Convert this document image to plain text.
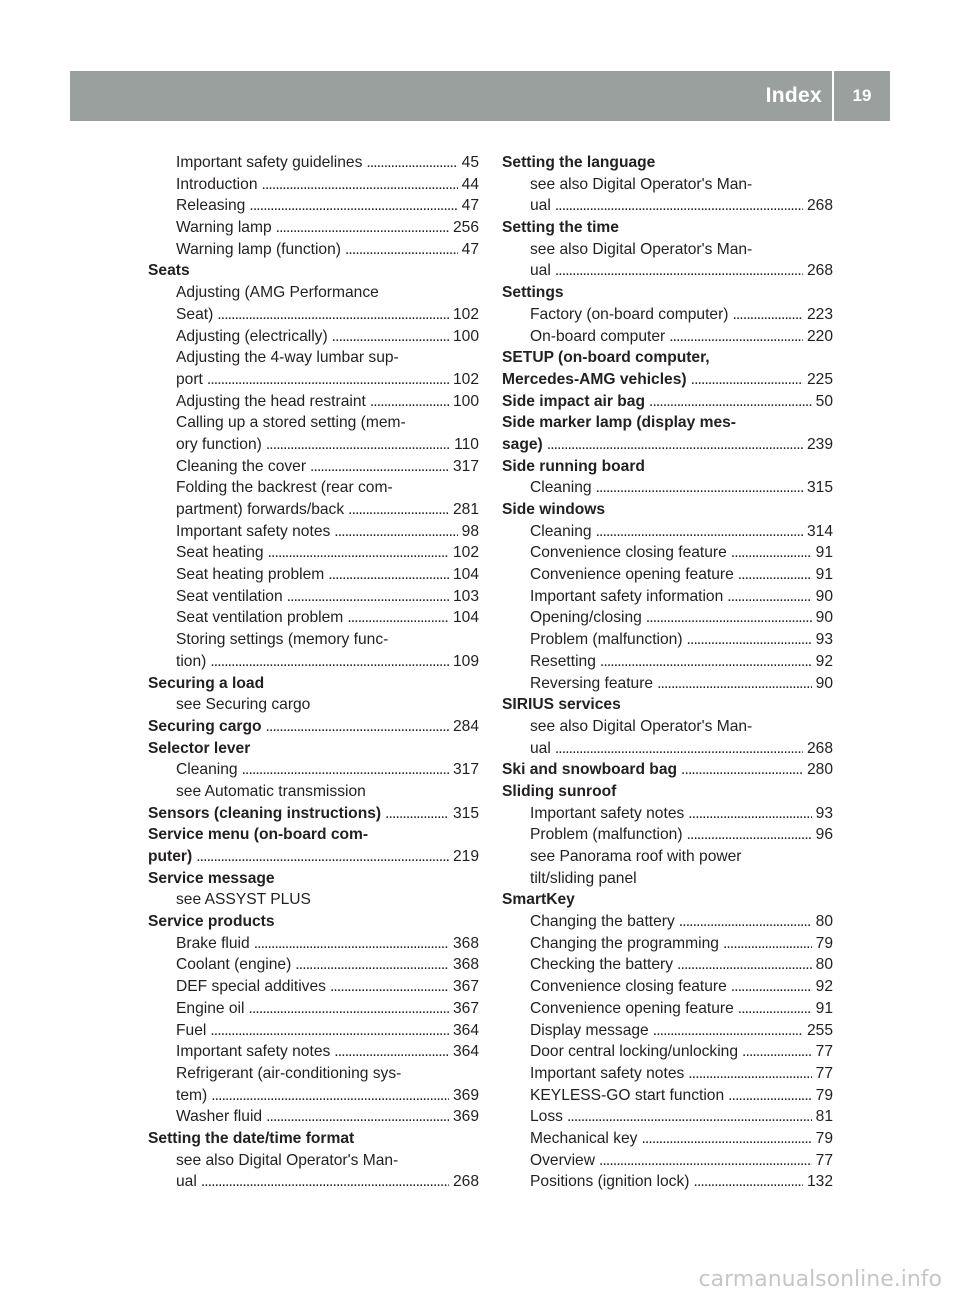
Index	19
Important safety guidelines . . .	45
Introduction . . .	44
Releasing . . .	47
Warning lamp . . .	256
Warning lamp (function) . . .	47
Seats
Adjusting (AMG Performance
Seat) . . .	102
Adjusting (electrically) . . .	100
Adjusting the 4-way lumbar sup-
port . . .	102
Adjusting the head restraint . . .	100
Calling up a stored setting (mem-
ory function) . . .	110
Cleaning the cover . . .	317
Folding the backrest (rear com-
partment) forwards/back . . .	281
Important safety notes . . .	98
Seat heating . . .	102
Seat heating problem . . .	104
Seat ventilation . . .	103
Seat ventilation problem . . .	104
Storing settings (memory func-
tion) . . .	109
Securing a load
see Securing cargo
Securing cargo . . .	284
Selector lever
Cleaning . . .	317
see Automatic transmission
Sensors (cleaning instructions) . . .	315
Service menu (on-board com-
puter) . . .	219
Service message
see ASSYST PLUS
Service products
Brake fluid . . .	368
Coolant (engine) . . .	368
DEF special additives . . .	367
Engine oil . . .	367
Fuel . . .	364
Important safety notes . . .	364
Refrigerant (air-conditioning sys-
tem) . . .	369
Washer fluid . . .	369
Setting the date/time format
see also Digital Operator's Man-
ual . . .	268
Setting the language
see also Digital Operator's Man-
ual . . .	268
Setting the time
see also Digital Operator's Man-
ual . . .	268
Settings
Factory (on-board computer) . . .	223
On-board computer . . .	220
SETUP (on-board computer,
Mercedes-AMG vehicles) . . .	225
Side impact air bag . . .	50
Side marker lamp (display mes-
sage) . . .	239
Side running board
Cleaning . . .	315
Side windows
Cleaning . . .	314
Convenience closing feature . . .	91
Convenience opening feature . . .	91
Important safety information . . .	90
Opening/closing . . .	90
Problem (malfunction) . . .	93
Resetting . . .	92
Reversing feature . . .	90
SIRIUS services
see also Digital Operator's Man-
ual . . .	268
Ski and snowboard bag . . .	280
Sliding sunroof
Important safety notes . . .	93
Problem (malfunction) . . .	96
see Panorama roof with power
tilt/sliding panel
SmartKey
Changing the battery . . .	80
Changing the programming . . .	79
Checking the battery . . .	80
Convenience closing feature . . .	92
Convenience opening feature . . .	91
Display message . . .	255
Door central locking/unlocking . . .	77
Important safety notes . . .	77
KEYLESS-GO start function . . .	79
Loss . . .	81
Mechanical key . . .	79
Overview . . .	77
Positions (ignition lock) . . .	132
carmanualsonline.info
